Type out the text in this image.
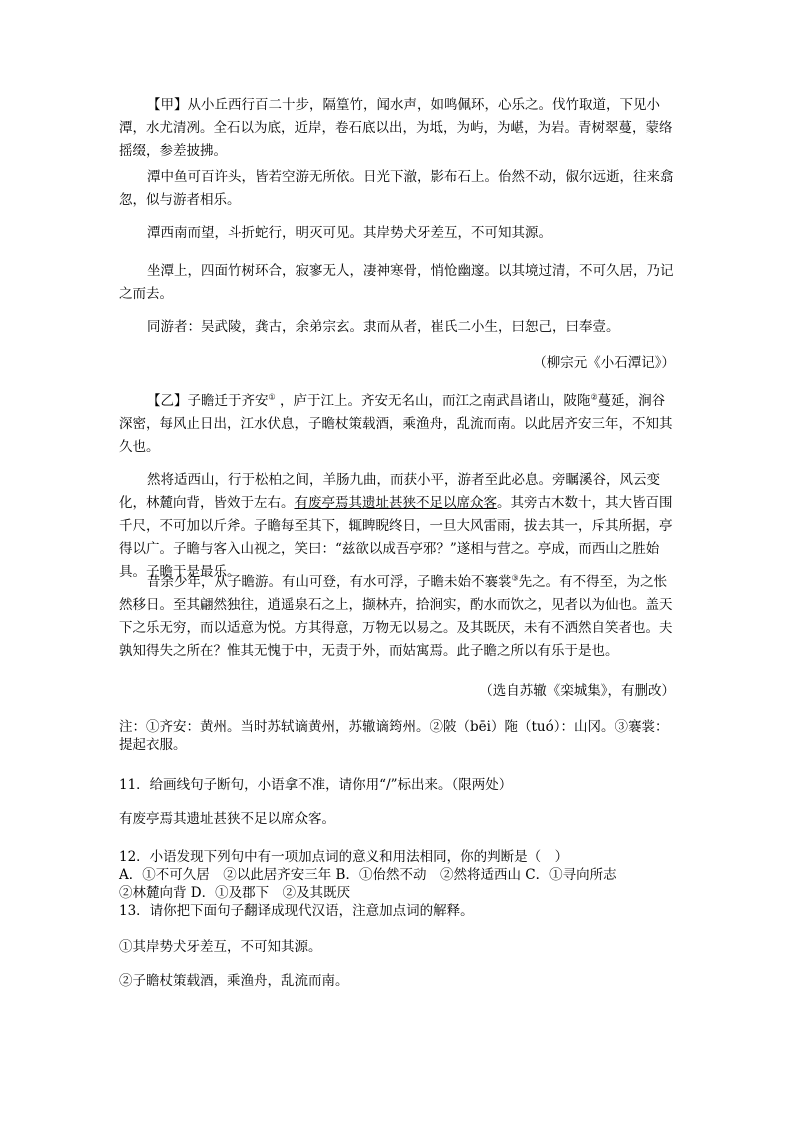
【甲】从小丘西行百二十步，隔篁竹，闻水声，如鸣佩环，心乐之。伐竹取道，下见小潭，水尤清冽。全石以为底，近岸，卷石底以出，为坻，为屿，为嵁，为岩。青树翠蔓，蒙络摇缀，参差披拂。

潭中鱼可百许头，皆若空游无所依。日光下澈，影布石上。佁然不动，俶尔远逝，往来翕忽，似与游者相乐。

潭西南而望，斗折蛇行，明灭可见。其岸势犬牙差互，不可知其源。

坐潭上，四面竹树环合，寂寥无人，凄神寒骨，悄怆幽邃。以其境过清，不可久居，乃记之而去。

同游者：吴武陵，龚古，余弟宗玄。隶而从者，崔氏二小生，曰恕己，曰奉壹。

（柳宗元《小石潭记》）

【乙】子瞻迁于齐安① ，庐于江上。齐安无名山，而江之南武昌诸山，陂陁②蔓延，涧谷深密，每风止日出，江水伏息，子瞻杖策载酒，乘渔舟，乱流而南。以此居齐安三年，不知其久也。

然将适西山，行于松柏之间，羊肠九曲，而获小平，游者至此必息。旁瞩溪谷，风云变化，林麓向背，皆效于左右。有废亭焉其遗址甚狭不足以席众客。其旁古木数十，其大皆百围千尺，不可加以斤斧。子瞻每至其下，辄睥睨终日，一旦大风雷雨，拔去其一，斥其所据，亭得以广。子瞻与客入山视之，笑曰：“兹欲以成吾亭邪？”遂相与营之。亭成，而西山之胜始具。子瞻于是最乐。

昔余少年，从子瞻游。有山可登，有水可浮，子瞻未始不褰裳③先之。有不得至，为之怅然移日。至其翩然独往，逍遥泉石之上，撷林卉，拾涧实，酌水而饮之，见者以为仙也。盖天下之乐无穷，而以适意为悦。方其得意，万物无以易之。及其既厌，未有不洒然自笑者也。夫孰知得失之所在？惟其无愧于中，无责于外，而姑寓焉。此子瞻之所以有乐于是也。

（选自苏辙《栾城集》，有删改）

注：①齐安：黄州。当时苏轼谪黄州，苏辙谪筠州。②陂（bēi）陁（tuó）：山冈。③褰裳：提起衣服。

11．给画线句子断句，小语拿不准，请你用“/”标出来。（限两处）

有废亭焉其遗址甚狭不足以席众客。

12．小语发现下列句中有一项加点词的意义和用法相同，你的判断是（　）

A．①不可久居　②以此居齐安三年 B．①佁然不动　②然将适西山 C．①寻向所志

②林麓向背 D．①及郡下　②及其既厌

13．请你把下面句子翻译成现代汉语，注意加点词的解释。

①其岸势犬牙差互，不可知其源。

②子瞻杖策载酒，乘渔舟，乱流而南。
